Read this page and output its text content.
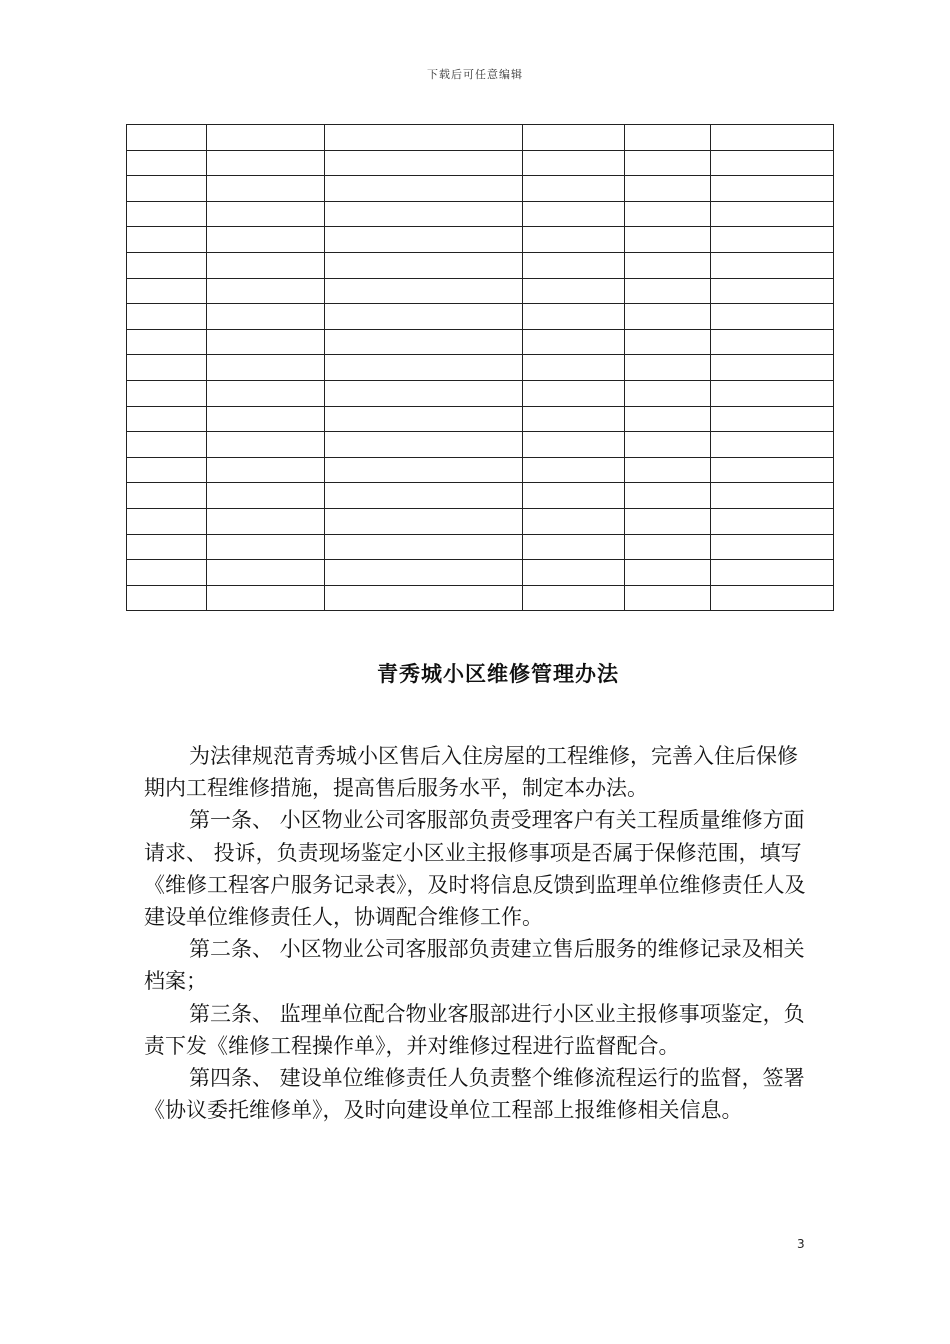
下载后可任意编辑

青秀城小区维修管理办法

为法律规范青秀城小区售后入住房屋的工程维修，完善入住后保修期内工程维修措施，提高售后服务水平，制定本办法。

第一条、 小区物业公司客服部负责受理客户有关工程质量维修方面请求、 投诉，负责现场鉴定小区业主报修事项是否属于保修范围，填写《维修工程客户服务记录表》，及时将信息反馈到监理单位维修责任人及建设单位维修责任人，协调配合维修工作。

第二条、 小区物业公司客服部负责建立售后服务的维修记录及相关档案；

第三条、 监理单位配合物业客服部进行小区业主报修事项鉴定，负责下发《维修工程操作单》，并对维修过程进行监督配合。

第四条、 建设单位维修责任人负责整个维修流程运行的监督，签署《协议委托维修单》，及时向建设单位工程部上报维修相关信息。

3
